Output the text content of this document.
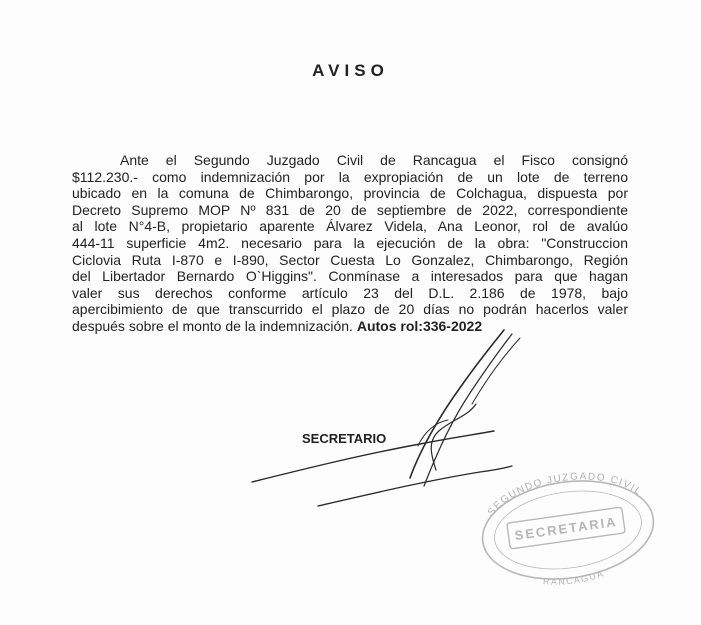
AVISO
Ante el Segundo Juzgado Civil de Rancagua el Fisco consignó
$112.230.- como indemnización por la expropiación de un lote de terreno
ubicado en la comuna de Chimbarongo, provincia de Colchagua, dispuesta por
Decreto Supremo MOP Nº 831 de 20 de septiembre de 2022, correspondiente
al lote N°4-B, propietario aparente Álvarez Videla, Ana Leonor, rol de avalúo
444-11 superficie 4m2. necesario para la ejecución de la obra: "Construccion
Ciclovia Ruta I-870 e I-890, Sector Cuesta Lo Gonzalez, Chimbarongo, Región
del Libertador Bernardo O`Higgins". Conmínase a interesados para que hagan
valer sus derechos conforme artículo 23 del D.L. 2.186 de 1978, bajo
apercibimiento de que transcurrido el plazo de 20 días no podrán hacerlos valer
después sobre el monto de la indemnización. Autos rol:336-2022
SECRETARIO
SEGUNDO JUZGADO CIVIL
SECRETARIA
RANCAGUA
